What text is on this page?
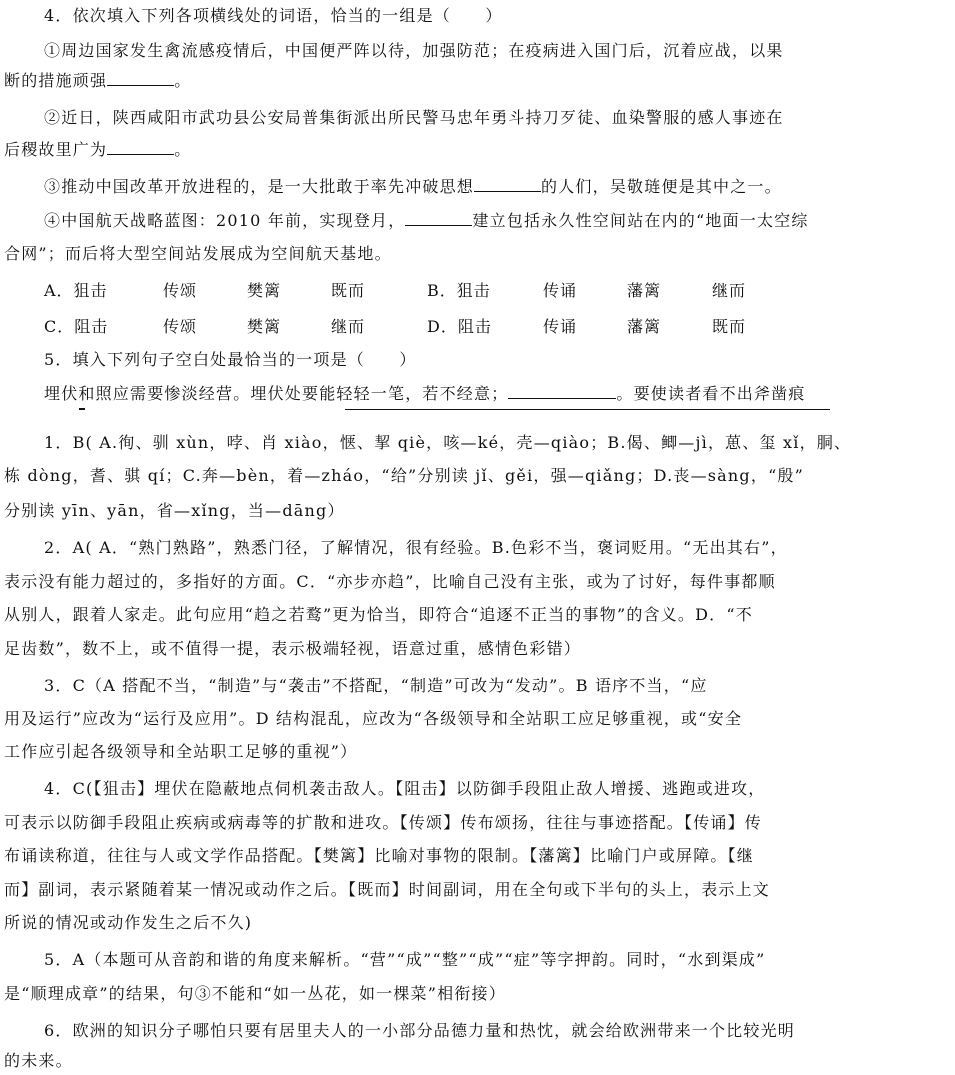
4．依次填入下列各项横线处的词语，恰当的一组是（　　）
①周边国家发生禽流感疫情后，中国便严阵以待，加强防范；在疫病进入国门后，沉着应战，以果
断的措施顽强	。
②近日，陕西咸阳市武功县公安局普集街派出所民警马忠年勇斗持刀歹徒、血染警服的感人事迹在
后稷故里广为	。
③推动中国改革开放进程的，是一大批敢于率先冲破思想	的人们，吴敬琏便是其中之一。
④中国航天战略蓝图：2010 年前，实现登月，	建立包括永久性空间站在内的“地面一太空综
合网”；而后将大型空间站发展成为空间航天基地。
A．狙击	传颂	樊篱	既而	B．狙击	传诵	藩篱	继而
C．阻击	传颂	樊篱	继而	D．阻击	传诵	藩篱	既而
5．填入下列句子空白处最恰当的一项是（　　）
埋伏和照应需要惨淡经营。埋伏处要能轻轻一笔，若不经意；	。要使读者看不出斧凿痕
1．B( A.徇、驯 xùn，哱、肖 xiào，惬、挈 qiè，咳—ké，壳—qiào；B.偈、鲫—jì，葸、玺 xǐ，胴、
栋 dòng，耆、骐 qí；C.奔—bèn，着—zháo，“给”分别读 jǐ、gěi，强—qiǎng；D.丧—sàng，“殷”
分别读 yīn、yān，省—xǐng，当—dāng）
2．A( A．“熟门熟路”，熟悉门径，了解情况，很有经验。B.色彩不当，褒词贬用。“无出其右”，
表示没有能力超过的，多指好的方面。C．“亦步亦趋”，比喻自己没有主张，或为了讨好，每件事都顺
从别人，跟着人家走。此句应用“趋之若鹜”更为恰当，即符合“追逐不正当的事物”的含义。D．“不
足齿数”，数不上，或不值得一提，表示极端轻视，语意过重，感情色彩错）
3．C（A 搭配不当，“制造”与“袭击”不搭配，“制造”可改为“发动”。B 语序不当，“应
用及运行”应改为“运行及应用”。D 结构混乱，应改为“各级领导和全站职工应足够重视，或“安全
工作应引起各级领导和全站职工足够的重视”）
4．C(【狙击】埋伏在隐蔽地点伺机袭击敌人。【阻击】以防御手段阻止敌人增援、逃跑或进攻，
可表示以防御手段阻止疾病或病毒等的扩散和进攻。【传颂】传布颂扬，往往与事迹搭配。【传诵】传
布诵读称道，往往与人或文学作品搭配。【樊篱】比喻对事物的限制。【藩篱】比喻门户或屏障。【继
而】副词，表示紧随着某一情况或动作之后。【既而】时间副词，用在全句或下半句的头上，表示上文
所说的情况或动作发生之后不久)
5．A（本题可从音韵和谐的角度来解析。“营”“成”“整”“成”“症”等字押韵。同时，“水到渠成”
是“顺理成章”的结果，句③不能和“如一丛花，如一棵菜”相衔接）
6．欧洲的知识分子哪怕只要有居里夫人的一小部分品德力量和热忱，就会给欧洲带来一个比较光明
的未来。
